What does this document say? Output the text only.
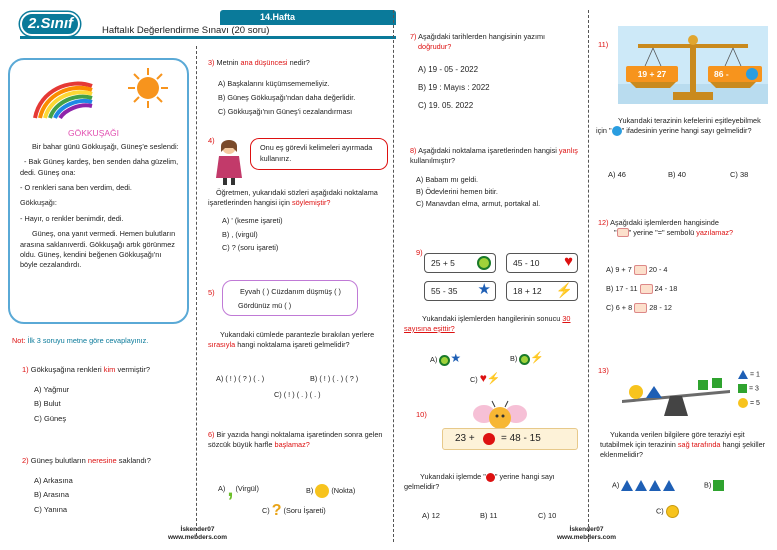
14.Hafta
2.Sınıf	Haftalık Değerlendirme Sınavı (20 soru)
GÖKKUŞAĞI

Bir bahar günü Gökkuşağı, Güneş'e seslendi:

- Bak Güneş kardeş, ben senden daha güzelim, dedi. Güneş ona:

- O renkleri sana ben verdim, dedi.

Gökkuşağı:

- Hayır, o renkler benimdir, dedi.

Güneş, ona yanıt vermedi. Hemen bulutların arasına saklanıverdi. Gökkuşağı artık görünmez oldu. Güneş, kendini beğenen Gökkuşağı'nı böyle cezalandırdı.

Not: İlk 3 soruyu metne göre cevaplayınız.

1) Gökkuşağına renkleri kim vermiştir?

A) Yağmur
B) Bulut
C) Güneş

2) Güneş bulutların neresine saklandı?

A) Arkasına
B) Arasına
C) Yanına

3) Metnin ana düşüncesi nedir?

A) Başkalarını küçümsememeliyiz.
B) Güneş Gökkuşağı'ndan daha değerlidir.
C) Gökkuşağı'nın Güneş'i cezalandırması
4)
Onu eş görevli kelimeleri ayırmada kullanırız.

Öğretmen, yukarıdaki sözleri aşağıdaki noktalama işaretlerinden hangisi için söylemiştir?

A) ' (kesme işareti)
B) , (virgül)
C) ? (soru işareti)
5)	Eyvah ( ) Cüzdanım düşmüş ( )
Gördünüz mü ( )

Yukarıdaki cümlede parantezle bırakılan yerlere sırasıyla hangi noktalama işareti gelmelidir?

A) ( ! ) ( ? ) ( . )	B) ( ! ) ( . ) ( ? )
C) ( ! ) ( . ) ( . )

6) Bir yazıda hangi noktalama işaretinden sonra gelen sözcük büyük harfle başlamaz?

A) , (Virgül)	B) (Nokta)
C) ? (Soru İşareti)

7) Aşağıdaki tarihlerden hangisinin yazımı
doğrudur?

A) 19 - 05 - 2022
B) 19 : Mayıs : 2022
C) 19. 05. 2022

8) Aşağıdaki noktalama işaretlerinden hangisi yanlış kullanılmıştır?

A) Babam mı geldi.
B) Ödevlerini hemen bitir.
C) Manavdan elma, armut, portakal al.
9)
25 + 5	45 - 10 ♥
55 - 35 ★	18 + 12 ⚡

Yukarıdaki işlemlerden hangilerinin sonucu 30 sayısına eşittir?

A) ★	B) ⚡
C) ♥⚡
10)
23 +	= 48 - 15

Yukarıdaki işlemde " " yerine hangi sayı gelmelidir?

A) 12	B) 11	C) 10
11)
19 + 27	86 -

Yukarıdaki terazinin kefelerini eşitleyebilmek için " " ifadesinin yerine hangi sayı gelmelidir?

A) 46	B) 40	C) 38

12) Aşağıdaki işlemlerden hangisinde

" " yerine "=" sembolü yazılamaz?

A) 9 + 7 20 - 4
B) 17 - 11 24 - 18
C) 6 + 8 28 - 12
13)	= 1
= 3
= 5

Yukarıda verilen bilgilere göre teraziyi eşit tutabilmek için terazinin sağ tarafında hangi şekiller eklenmelidir?

A)	B)
C)
İskender07
www.mebders.com
İskender07
www.mebders.com
